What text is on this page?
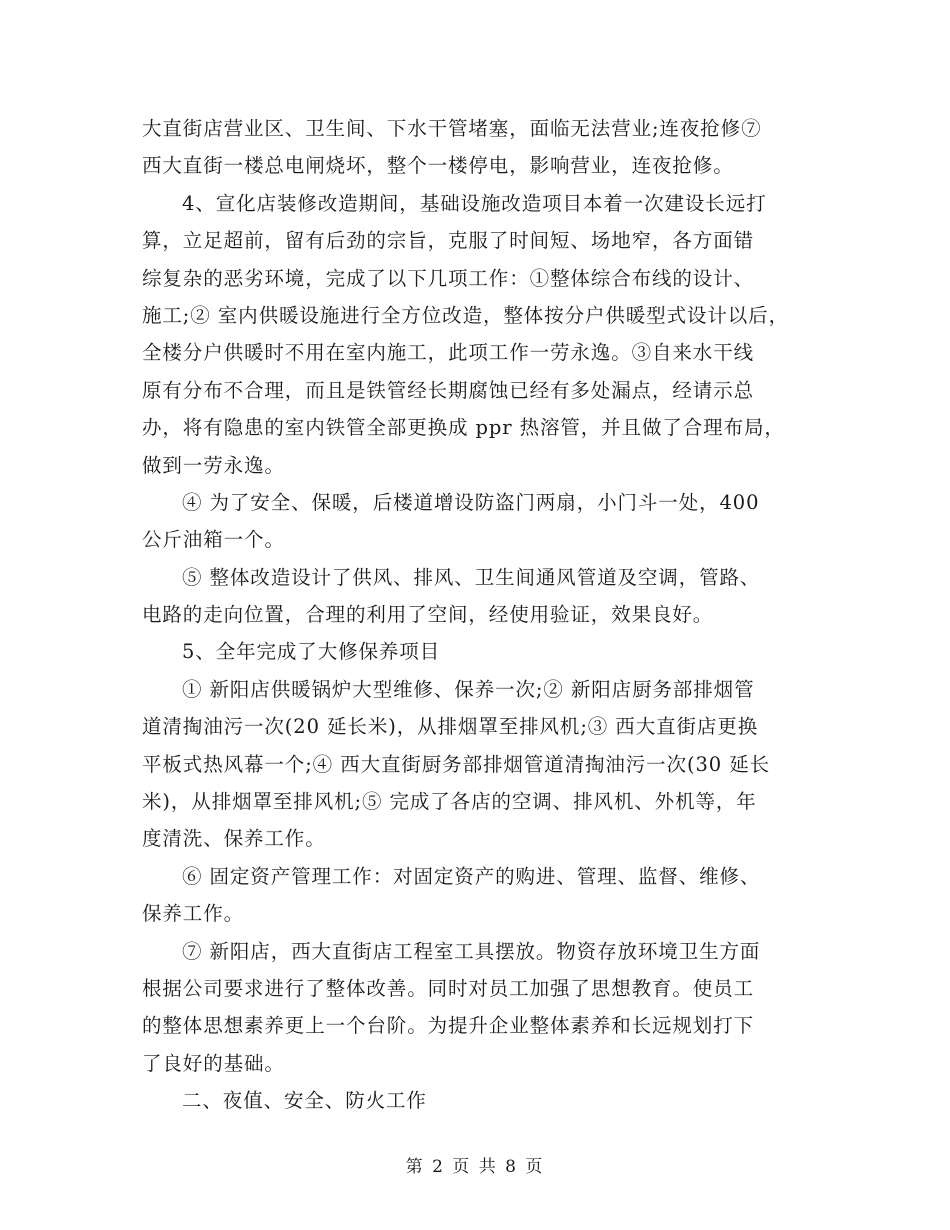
大直街店营业区、卫生间、下水干管堵塞，面临无法营业;连夜抢修⑦
西大直街一楼总电闸烧坏，整个一楼停电，影响营业，连夜抢修。
4、宣化店装修改造期间，基础设施改造项目本着一次建设长远打
算，立足超前，留有后劲的宗旨，克服了时间短、场地窄，各方面错
综复杂的恶劣环境，完成了以下几项工作：①整体综合布线的设计、
施工;② 室内供暖设施进行全方位改造，整体按分户供暖型式设计以后，
全楼分户供暖时不用在室内施工，此项工作一劳永逸。③自来水干线
原有分布不合理，而且是铁管经长期腐蚀已经有多处漏点，经请示总
办，将有隐患的室内铁管全部更换成 ppr 热溶管，并且做了合理布局，
做到一劳永逸。
④ 为了安全、保暖，后楼道增设防盗门两扇，小门斗一处，400
公斤油箱一个。
⑤ 整体改造设计了供风、排风、卫生间通风管道及空调，管路、
电路的走向位置，合理的利用了空间，经使用验证，效果良好。
5、全年完成了大修保养项目
① 新阳店供暖锅炉大型维修、保养一次;② 新阳店厨务部排烟管
道清掏油污一次(20 延长米)，从排烟罩至排风机;③ 西大直街店更换
平板式热风幕一个;④ 西大直街厨务部排烟管道清掏油污一次(30 延长
米)，从排烟罩至排风机;⑤ 完成了各店的空调、排风机、外机等，年
度清洗、保养工作。
⑥ 固定资产管理工作：对固定资产的购进、管理、监督、维修、
保养工作。
⑦ 新阳店，西大直街店工程室工具摆放。物资存放环境卫生方面
根据公司要求进行了整体改善。同时对员工加强了思想教育。使员工
的整体思想素养更上一个台阶。为提升企业整体素养和长远规划打下
了良好的基础。
二、夜值、安全、防火工作
第 2 页 共 8 页
